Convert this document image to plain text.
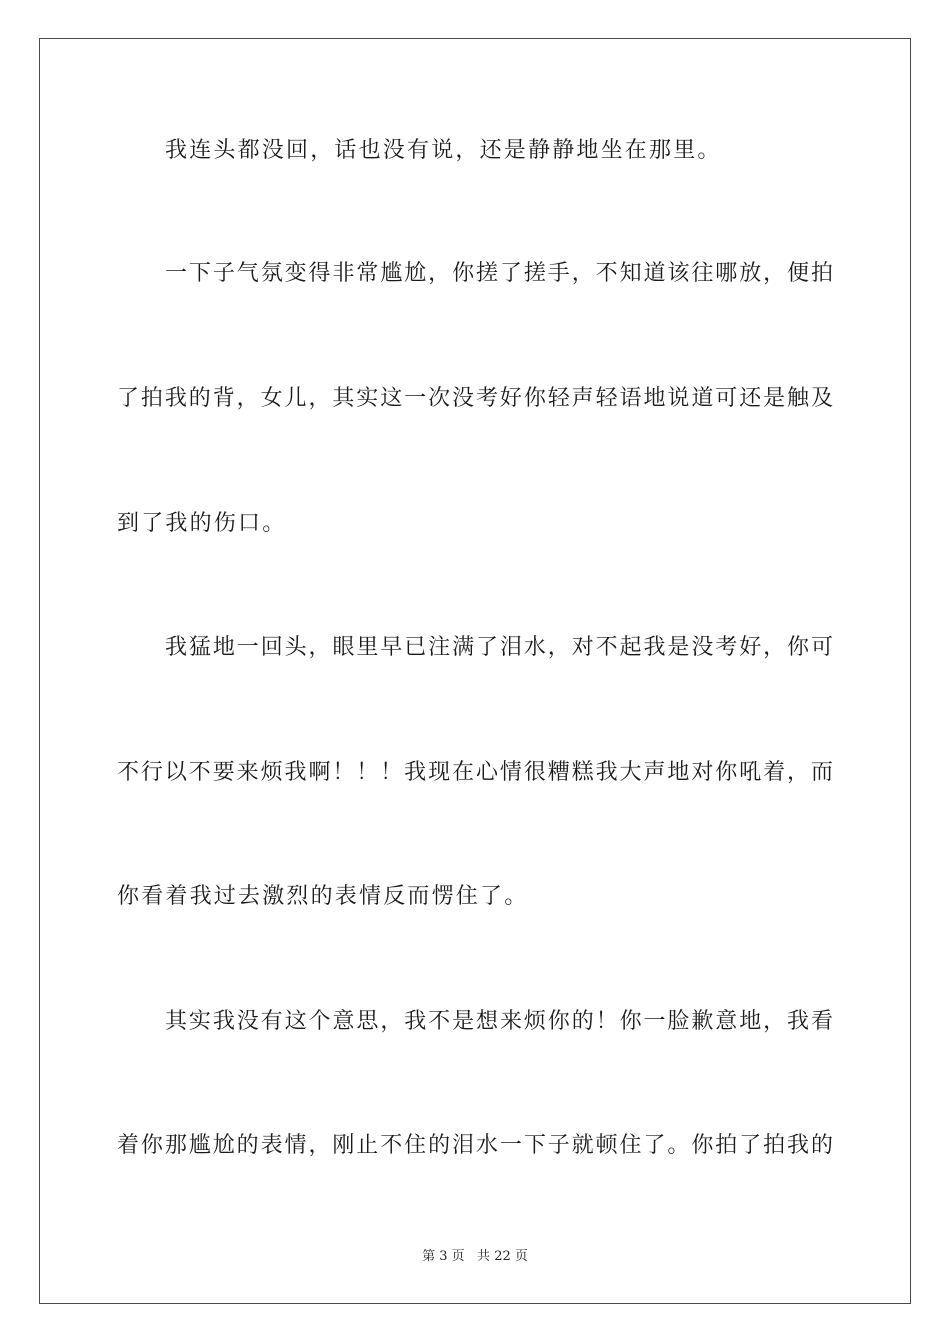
我连头都没回，话也没有说，还是静静地坐在那里。
一下子气氛变得非常尴尬，你搓了搓手，不知道该往哪放，便拍
了拍我的背，女儿，其实这一次没考好你轻声轻语地说道可还是触及
到了我的伤口。
我猛地一回头，眼里早已注满了泪水，对不起我是没考好，你可
不行以不要来烦我啊！！！我现在心情很糟糕我大声地对你吼着，而
你看着我过去激烈的表情反而愣住了。
其实我没有这个意思，我不是想来烦你的！你一脸歉意地，我看
着你那尴尬的表情，刚止不住的泪水一下子就顿住了。你拍了拍我的
第 3 页   共 22 页
